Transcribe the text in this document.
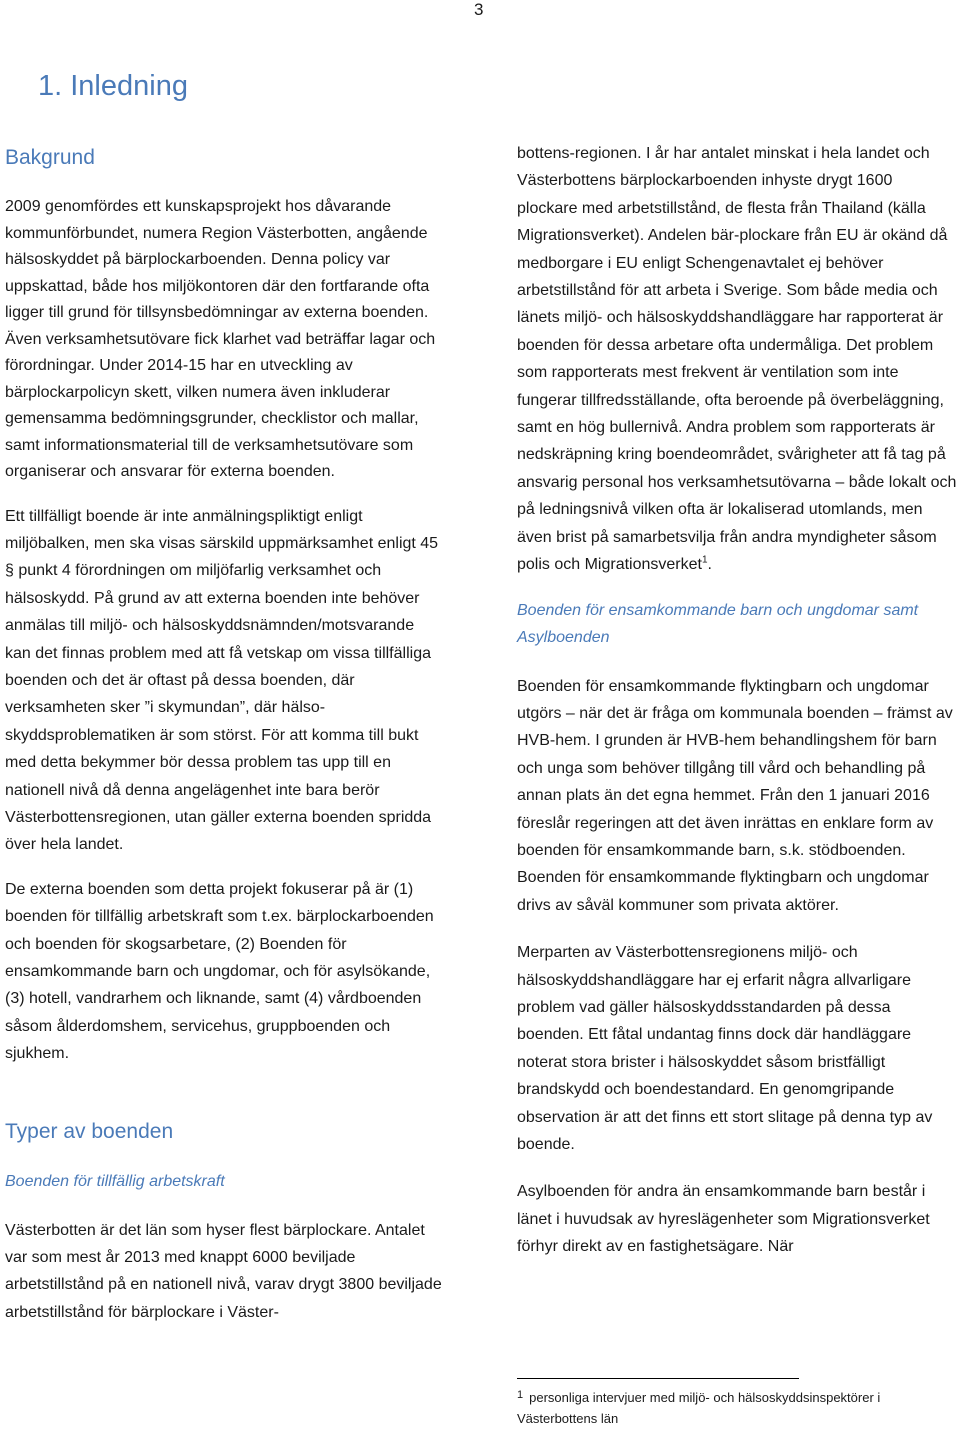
3
1. Inledning
Bakgrund

2009 genomfördes ett kunskapsprojekt hos dåvarande kommunförbundet, numera Region Västerbotten, angående hälsoskyddet på bärplockarboenden. Denna policy var uppskattad, både hos miljökontoren där den fortfarande ofta ligger till grund för tillsynsbedömningar av externa boenden. Även verksamhetsutövare fick klarhet vad beträffar lagar och förordningar. Under 2014-15 har en utveckling av bärplockarpolicyn skett, vilken numera även inkluderar gemensamma bedömningsgrunder, checklistor och mallar, samt informationsmaterial till de verksamhetsutövare som organiserar och ansvarar för externa boenden.

Ett tillfälligt boende är inte anmälningspliktigt enligt miljöbalken, men ska visas särskild uppmärksamhet enligt 45 § punkt 4 förordningen om miljöfarlig verksamhet och hälsoskydd. På grund av att externa boenden inte behöver anmälas till miljö- och hälsoskyddsnämnden/motsvarande kan det finnas problem med att få vetskap om vissa tillfälliga boenden och det är oftast på dessa boenden, där verksamheten sker ”i skymundan”, där hälso-skyddsproblematiken är som störst. För att komma till bukt med detta bekymmer bör dessa problem tas upp till en nationell nivå då denna angelägenhet inte bara berör Västerbottensregionen, utan gäller externa boenden spridda över hela landet.

De externa boenden som detta projekt fokuserar på är (1) boenden för tillfällig arbetskraft som t.ex. bärplockarboenden och boenden för skogsarbetare, (2) Boenden för ensamkommande barn och ungdomar, och för asylsökande, (3) hotell, vandrarhem och liknande, samt (4) vårdboenden såsom ålderdomshem, servicehus, gruppboenden och sjukhem.

Typer av boenden
Boenden för tillfällig arbetskraft

Västerbotten är det län som hyser flest bärplockare. Antalet var som mest år 2013 med knappt 6000 beviljade arbetstillstånd på en nationell nivå, varav drygt 3800 beviljade arbetstillstånd för bärplockare i Väster-

bottens-regionen. I år har antalet minskat i hela landet och Västerbottens bärplockarboenden inhyste drygt 1600 plockare med arbetstillstånd, de flesta från Thailand (källa Migrationsverket). Andelen bär-plockare från EU är okänd då medborgare i EU enligt Schengenavtalet ej behöver arbetstillstånd för att arbeta i Sverige. Som både media och länets miljö- och hälsoskyddshandläggare har rapporterat är boenden för dessa arbetare ofta undermåliga. Det problem som rapporterats mest frekvent är ventilation som inte fungerar tillfredsställande, ofta beroende på överbeläggning, samt en hög bullernivå. Andra problem som rapporterats är nedskräpning kring boendeområdet, svårigheter att få tag på ansvarig personal hos verksamhetsutövarna – både lokalt och på ledningsnivå vilken ofta är lokaliserad utomlands, men även brist på samarbetsvilja från andra myndigheter såsom polis och Migrationsverket$^1$.

Boenden för ensamkommande barn och ungdomar samt Asylboenden

Boenden för ensamkommande flyktingbarn och ungdomar utgörs – när det är fråga om kommunala boenden – främst av HVB-hem. I grunden är HVB-hem behandlingshem för barn och unga som behöver tillgång till vård och behandling på annan plats än det egna hemmet. Från den 1 januari 2016 föreslår regeringen att det även inrättas en enklare form av boenden för ensamkommande barn, s.k. stödboenden. Boenden för ensamkommande flyktingbarn och ungdomar drivs av såväl kommuner som privata aktörer.

Merparten av Västerbottensregionens miljö- och hälsoskyddshandläggare har ej erfarit några allvarligare problem vad gäller hälsoskyddsstandarden på dessa boenden. Ett fåtal undantag finns dock där handläggare noterat stora brister i hälsoskyddet såsom bristfälligt brandskydd och boendestandard. En genomgripande observation är att det finns ett stort slitage på denna typ av boende.

Asylboenden för andra än ensamkommande barn består i länet i huvudsak av hyreslägenheter som Migrationsverket förhyr direkt av en fastighetsägare. När

$^1$ personliga intervjuer med miljö- och hälsoskyddsinspektörer i Västerbottens län
